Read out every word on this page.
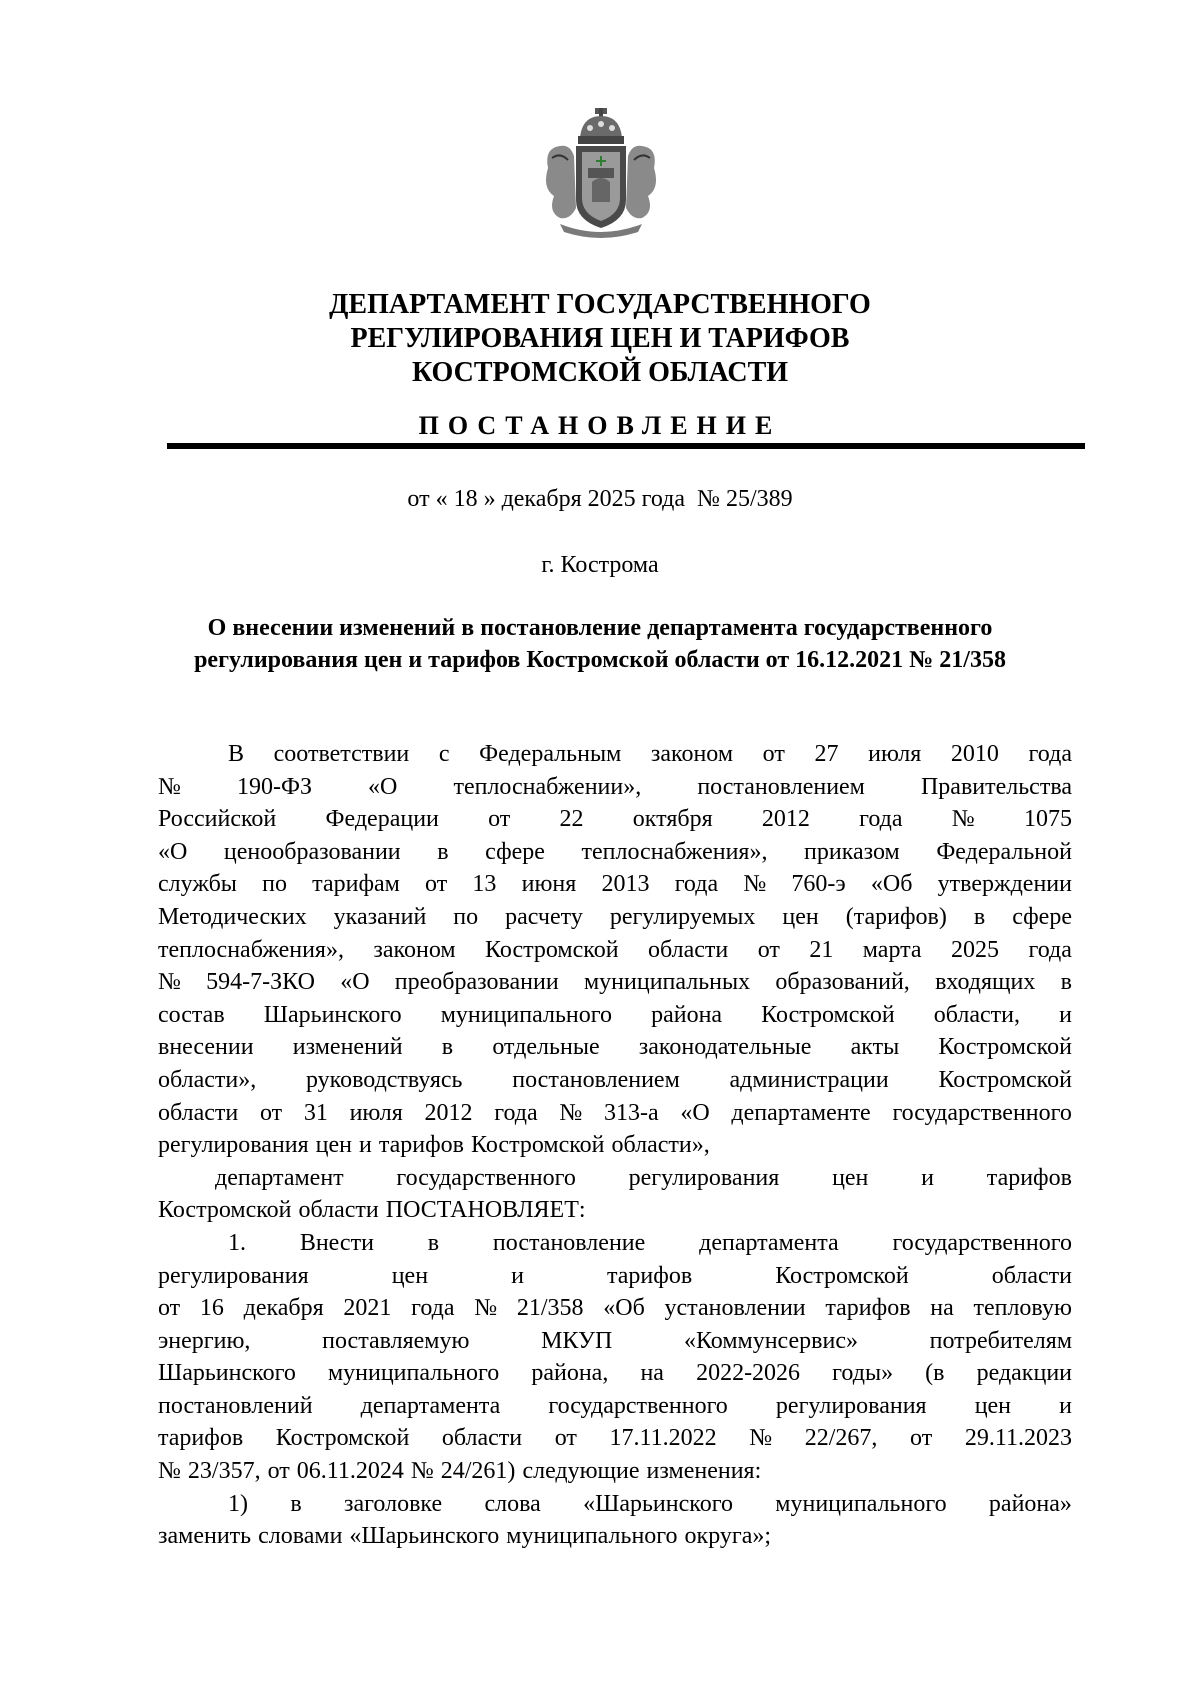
ДЕПАРТАМЕНТ ГОСУДАРСТВЕННОГО
РЕГУЛИРОВАНИЯ ЦЕН И ТАРИФОВ
КОСТРОМСКОЙ ОБЛАСТИ
ПОСТАНОВЛЕНИЕ
от « 18 » декабря 2025 года  № 25/389
г. Кострома
О внесении изменений в постановление департамента государственного
регулирования цен и тарифов Костромской области от 16.12.2021 № 21/358
В соответствии с Федеральным законом от 27 июля 2010 года
№ 190-ФЗ «О теплоснабжении», постановлением Правительства
Российской Федерации от 22 октября 2012 года № 1075
«О ценообразовании в сфере теплоснабжения», приказом Федеральной
службы по тарифам от 13 июня 2013 года № 760-э «Об утверждении
Методических указаний по расчету регулируемых цен (тарифов) в сфере
теплоснабжения», законом Костромской области от 21 марта 2025 года
№ 594-7-ЗКО «О преобразовании муниципальных образований, входящих в
состав Шарьинского муниципального района Костромской области, и
внесении изменений в отдельные законодательные акты Костромской
области», руководствуясь постановлением администрации Костромской
области от 31 июля 2012 года № 313-а «О департаменте государственного
регулирования цен и тарифов Костромской области»,
департамент государственного регулирования цен и тарифов
Костромской области ПОСТАНОВЛЯЕТ:
1. Внести в постановление департамента государственного
регулирования	цен	и	тарифов	Костромской	области
от 16 декабря 2021 года № 21/358 «Об установлении тарифов на тепловую
энергию,	поставляемую	МКУП	«Коммунсервис»	потребителям
Шарьинского муниципального района, на 2022-2026 годы» (в редакции
постановлений департамента государственного регулирования цен и
тарифов Костромской области от 17.11.2022 № 22/267, от 29.11.2023
№ 23/357, от 06.11.2024 № 24/261) следующие изменения:
1) в заголовке слова «Шарьинского муниципального района»
заменить словами «Шарьинского муниципального округа»;
